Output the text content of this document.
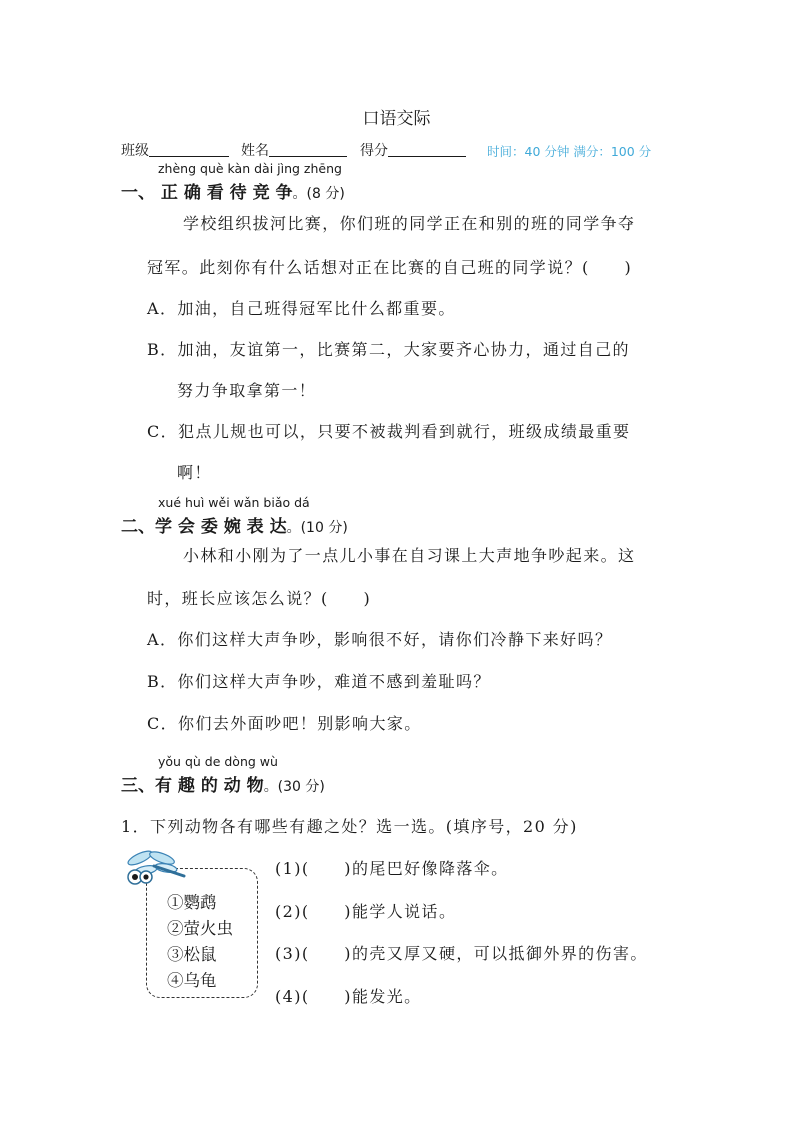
口语交际
班级	姓名	得分	时间：40 分钟 满分：100 分
zhèng què kàn dài jìng zhēng
一、 正 确 看 待 竞 争。(8 分)
学校组织拔河比赛，你们班的同学正在和别的班的同学争夺
冠军。此刻你有什么话想对正在比赛的自己班的同学说？(　　)
A．加油，自己班得冠军比什么都重要。
B．加油，友谊第一，比赛第二，大家要齐心协力，通过自己的
努力争取拿第一！
C．犯点儿规也可以，只要不被裁判看到就行，班级成绩最重要
啊！
xué huì wěi wǎn biǎo dá
二、学 会 委 婉 表 达。(10 分)
小林和小刚为了一点儿小事在自习课上大声地争吵起来。这
时，班长应该怎么说？(　　)
A．你们这样大声争吵，影响很不好，请你们冷静下来好吗？
B．你们这样大声争吵，难道不感到羞耻吗？
C．你们去外面吵吧！别影响大家。
yǒu qù de dòng wù
三、有 趣 的 动 物。(30 分)
1．下列动物各有哪些有趣之处？选一选。(填序号，20 分)
①鹦鹉
②萤火虫
③松鼠
④乌龟
(1)(　　)的尾巴好像降落伞。
(2)(　　)能学人说话。
(3)(　　)的壳又厚又硬，可以抵御外界的伤害。
(4)(　　)能发光。
